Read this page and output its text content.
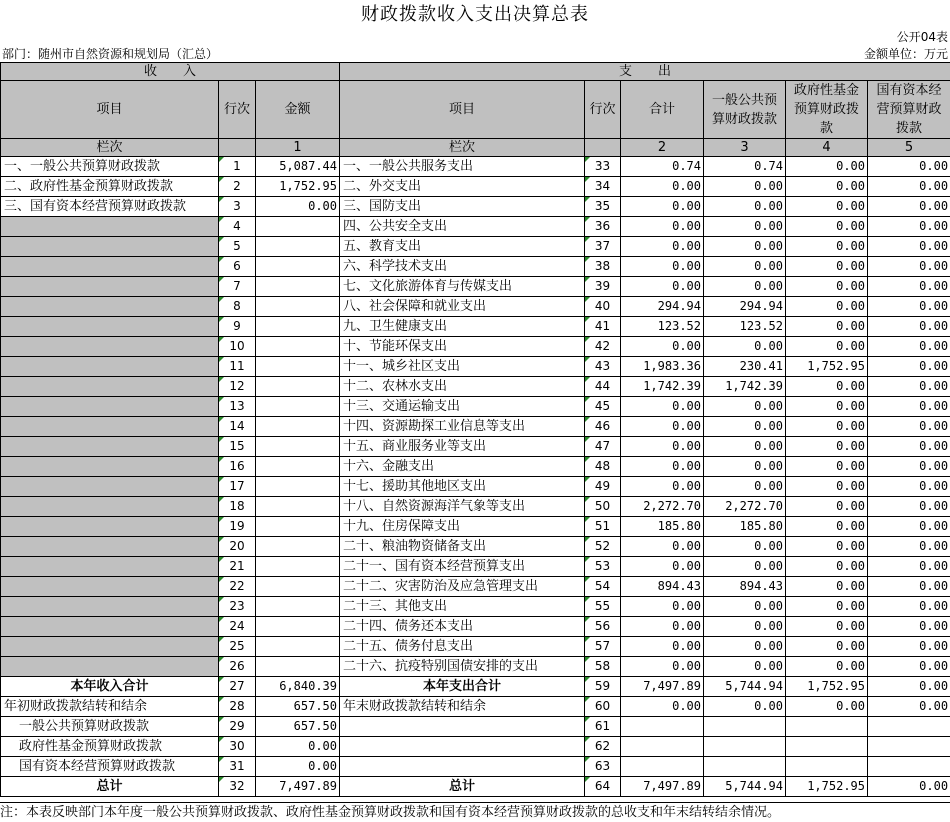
财政拨款收入支出决算总表
公开04表
部门：随州市自然资源和规划局（汇总）	金额单位：万元
收　　入			支　　出					
项目	行次	金额	项目	行次	合计	一般公共预算财政拨款	政府性基金预算财政拨款	国有资本经营预算财政拨款
栏次		1	栏次		2	3	4	5
一、一般公共预算财政拨款	1	5,087.44	一、一般公共服务支出	33	0.74	0.74	0.00	0.00
二、政府性基金预算财政拨款	2	1,752.95	二、外交支出	34	0.00	0.00	0.00	0.00
三、国有资本经营预算财政拨款	3	0.00	三、国防支出	35	0.00	0.00	0.00	0.00
	4		四、公共安全支出	36	0.00	0.00	0.00	0.00
	5		五、教育支出	37	0.00	0.00	0.00	0.00
	6		六、科学技术支出	38	0.00	0.00	0.00	0.00
	7		七、文化旅游体育与传媒支出	39	0.00	0.00	0.00	0.00
	8		八、社会保障和就业支出	40	294.94	294.94	0.00	0.00
	9		九、卫生健康支出	41	123.52	123.52	0.00	0.00
	10		十、节能环保支出	42	0.00	0.00	0.00	0.00
	11		十一、城乡社区支出	43	1,983.36	230.41	1,752.95	0.00
	12		十二、农林水支出	44	1,742.39	1,742.39	0.00	0.00
	13		十三、交通运输支出	45	0.00	0.00	0.00	0.00
	14		十四、资源勘探工业信息等支出	46	0.00	0.00	0.00	0.00
	15		十五、商业服务业等支出	47	0.00	0.00	0.00	0.00
	16		十六、金融支出	48	0.00	0.00	0.00	0.00
	17		十七、援助其他地区支出	49	0.00	0.00	0.00	0.00
	18		十八、自然资源海洋气象等支出	50	2,272.70	2,272.70	0.00	0.00
	19		十九、住房保障支出	51	185.80	185.80	0.00	0.00
	20		二十、粮油物资储备支出	52	0.00	0.00	0.00	0.00
	21		二十一、国有资本经营预算支出	53	0.00	0.00	0.00	0.00
	22		二十二、灾害防治及应急管理支出	54	894.43	894.43	0.00	0.00
	23		二十三、其他支出	55	0.00	0.00	0.00	0.00
	24		二十四、债务还本支出	56	0.00	0.00	0.00	0.00
	25		二十五、债务付息支出	57	0.00	0.00	0.00	0.00
	26		二十六、抗疫特别国债安排的支出	58	0.00	0.00	0.00	0.00
本年收入合计	27	6,840.39	本年支出合计	59	7,497.89	5,744.94	1,752.95	0.00
年初财政拨款结转和结余	28	657.50	年末财政拨款结转和结余	60	0.00	0.00	0.00	0.00
一般公共预算财政拨款	29	657.50		61				
政府性基金预算财政拨款	30	0.00		62				
国有资本经营预算财政拨款	31	0.00		63				
总计	32	7,497.89	总计	64	7,497.89	5,744.94	1,752.95	0.00
注：本表反映部门本年度一般公共预算财政拨款、政府性基金预算财政拨款和国有资本经营预算财政拨款的总收支和年末结转结余情况。
